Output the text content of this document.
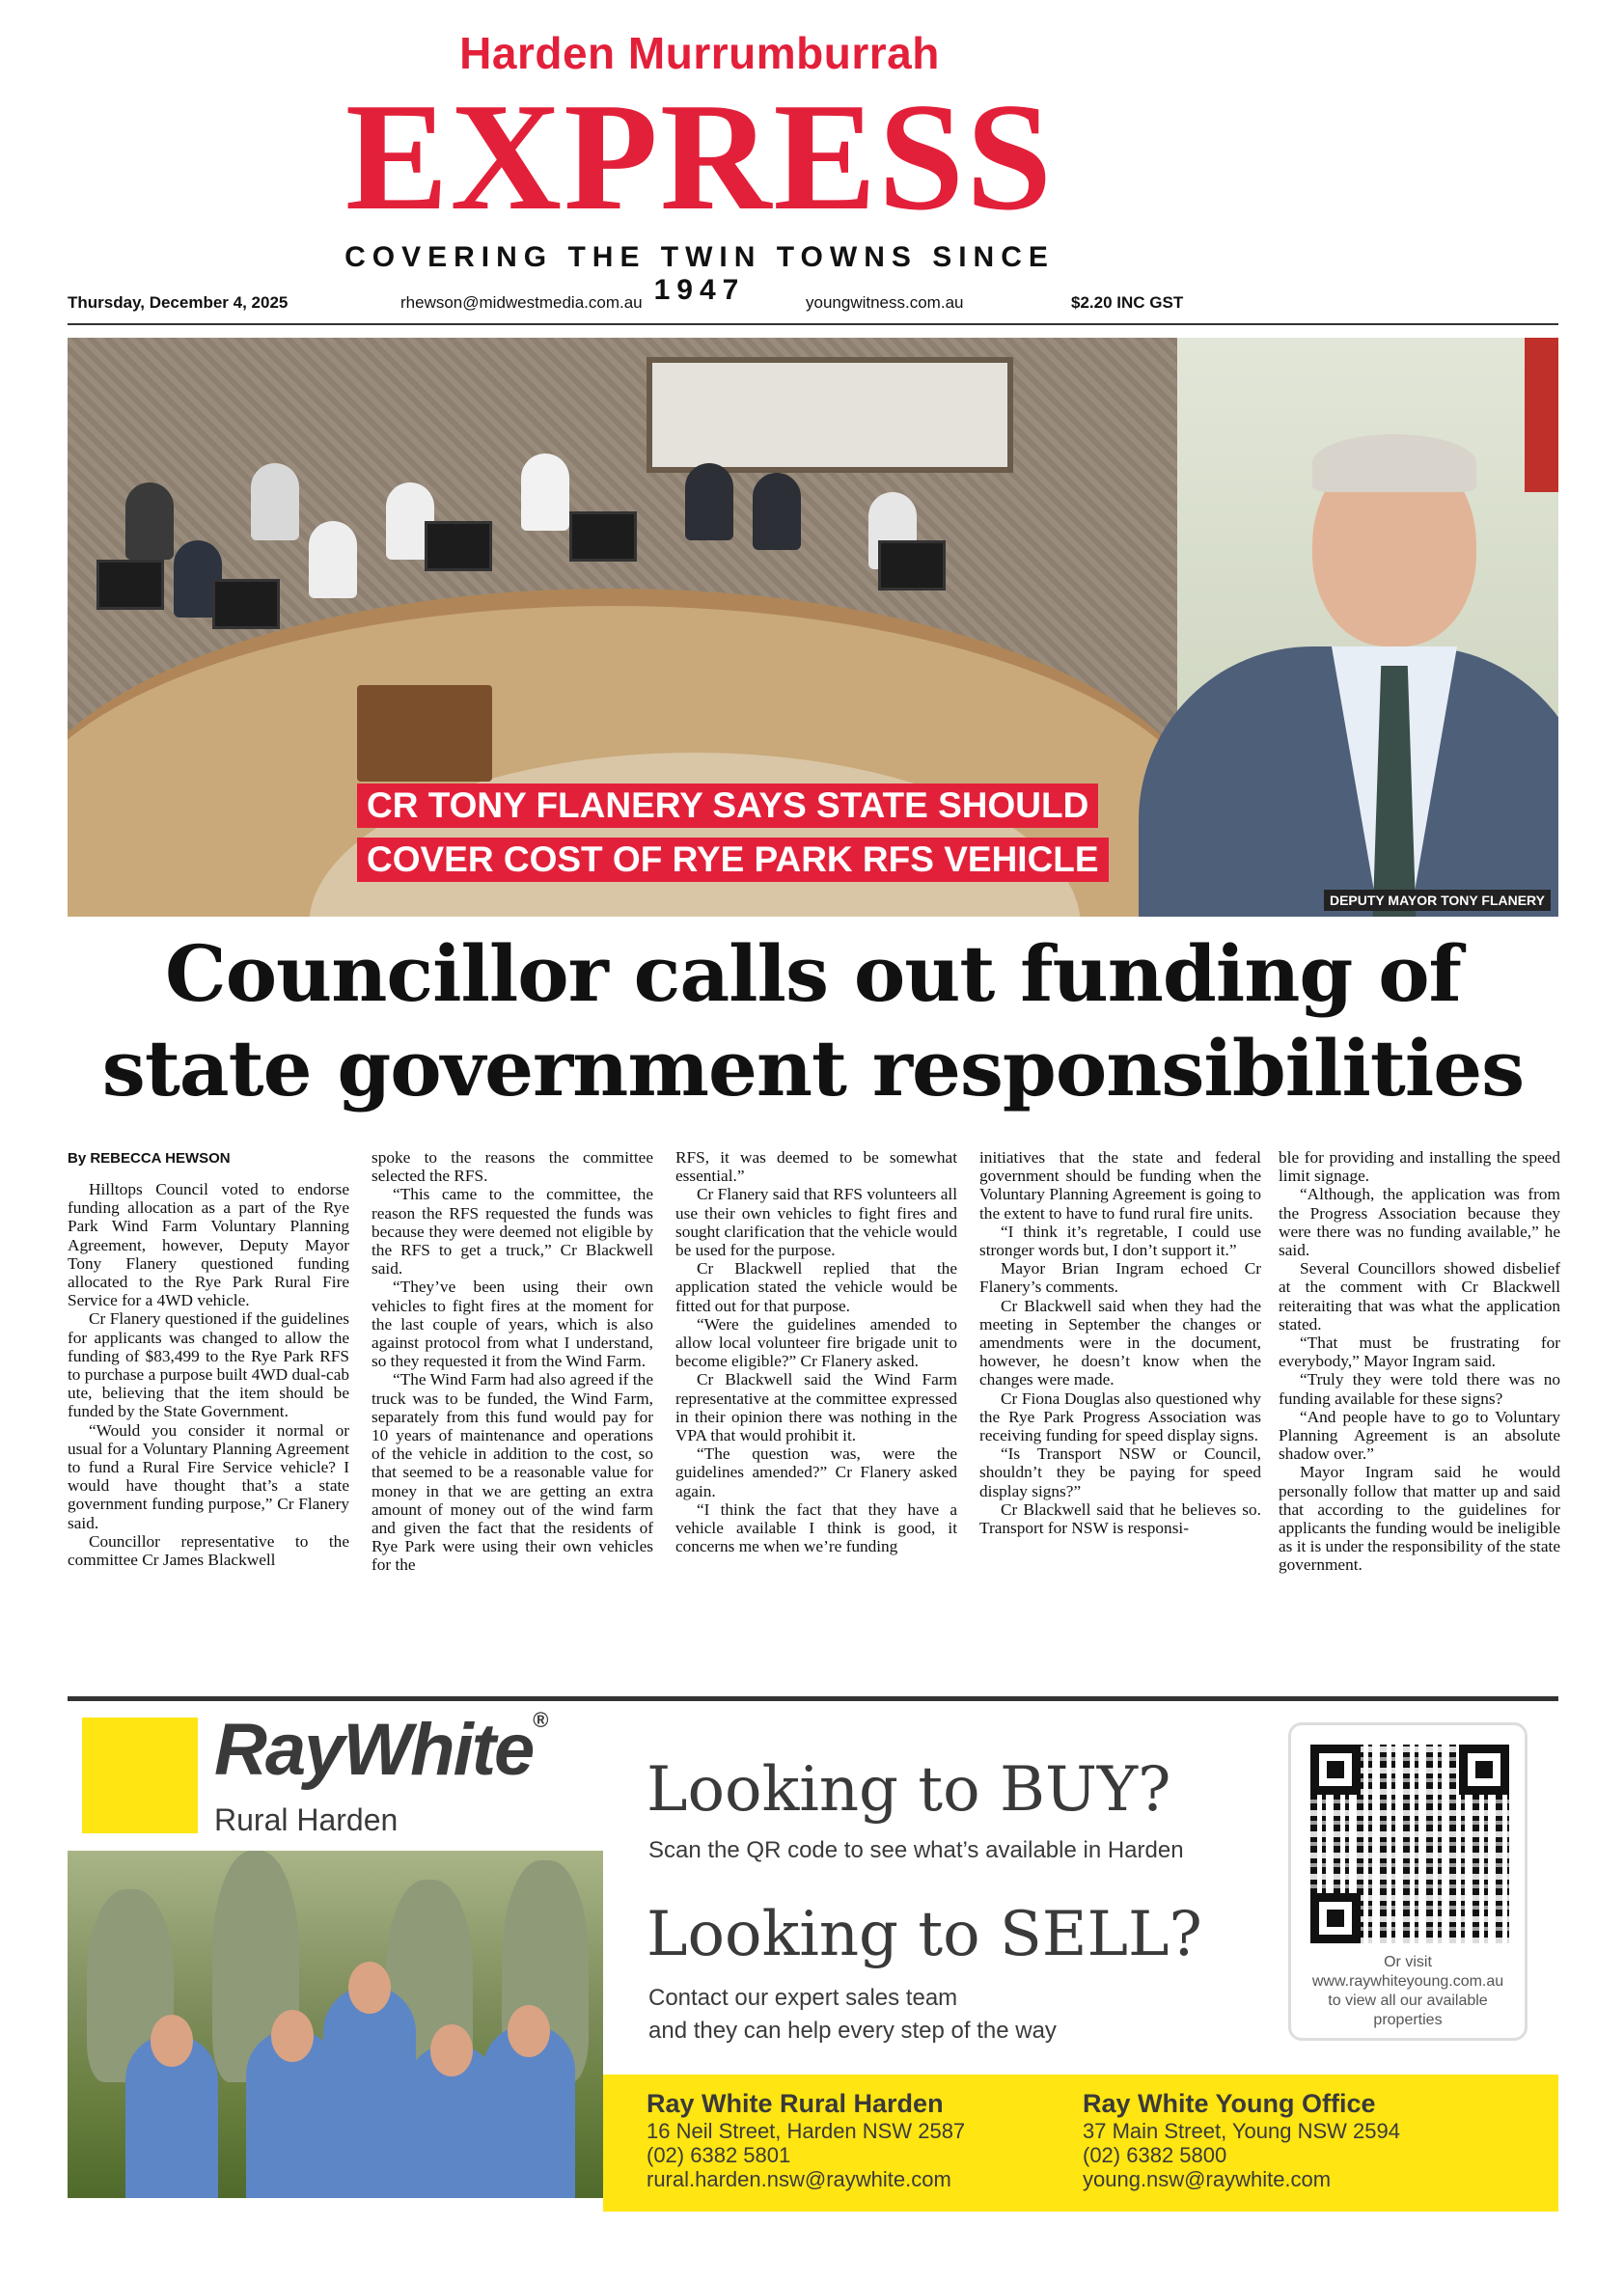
Harden Murrumburrah
EXPRESS
COVERING THE TWIN TOWNS SINCE 1947
Thursday, December 4, 2025	rhewson@midwestmedia.com.au	youngwitness.com.au	$2.20 INC GST
CR TONY FLANERY SAYS STATE SHOULD
COVER COST OF RYE PARK RFS VEHICLE
DEPUTY MAYOR TONY FLANERY
Councillor calls out funding of
state government responsibilities
By REBECCA HEWSON

Hilltops Council voted to endorse funding allocation as a part of the Rye Park Wind Farm Voluntary Planning Agreement, however, Deputy Mayor Tony Flanery questioned funding allocated to the Rye Park Rural Fire Service for a 4WD vehicle.

Cr Flanery questioned if the guidelines for applicants was changed to allow the funding of $83,499 to the Rye Park RFS to purchase a purpose built 4WD dual-cab ute, believing that the item should be funded by the State Government.

“Would you consider it normal or usual for a Voluntary Planning Agreement to fund a Rural Fire Service vehicle? I would have thought that’s a state government funding purpose,” Cr Flanery said.

Councillor representative to the committee Cr James Blackwell

spoke to the reasons the committee selected the RFS.

“This came to the committee, the reason the RFS requested the funds was because they were deemed not eligible by the RFS to get a truck,” Cr Blackwell said.

“They’ve been using their own vehicles to fight fires at the moment for the last couple of years, which is also against protocol from what I understand, so they requested it from the Wind Farm.

“The Wind Farm had also agreed if the truck was to be funded, the Wind Farm, separately from this fund would pay for 10 years of maintenance and operations of the vehicle in addition to the cost, so that seemed to be a reasonable value for money in that we are getting an extra amount of money out of the wind farm and given the fact that the residents of Rye Park were using their own vehicles for the

RFS, it was deemed to be somewhat essential.”

Cr Flanery said that RFS volunteers all use their own vehicles to fight fires and sought clarification that the vehicle would be used for the purpose.

Cr Blackwell replied that the application stated the vehicle would be fitted out for that purpose.

“Were the guidelines amended to allow local volunteer fire brigade unit to become eligible?” Cr Flanery asked.

Cr Blackwell said the Wind Farm representative at the committee expressed in their opinion there was nothing in the VPA that would prohibit it.

“The question was, were the guidelines amended?” Cr Flanery asked again.

“I think the fact that they have a vehicle available I think is good, it concerns me when we’re funding

initiatives that the state and federal government should be funding when the Voluntary Planning Agreement is going to the extent to have to fund rural fire units.

“I think it’s regretable, I could use stronger words but, I don’t support it.”

Mayor Brian Ingram echoed Cr Flanery’s comments.

Cr Blackwell said when they had the meeting in September the changes or amendments were in the document, however, he doesn’t know when the changes were made.

Cr Fiona Douglas also questioned why the Rye Park Progress Association was receiving funding for speed display signs.

“Is Transport NSW or Council, shouldn’t they be paying for speed display signs?”

Cr Blackwell said that he believes so. Transport for NSW is responsi-

ble for providing and installing the speed limit signage.

“Although, the application was from the Progress Association because they were there was no funding available,” he said.

Several Councillors showed disbelief at the comment with Cr Blackwell reiteraiting that was what the application stated.

“That must be frustrating for everybody,” Mayor Ingram said.

“Truly they were told there was no funding available for these signs?

“And people have to go to Voluntary Planning Agreement is an absolute shadow over.”

Mayor Ingram said he would personally follow that matter up and said that according to the guidelines for applicants the funding would be ineligible as it is under the responsibility of the state government.

RayWhite®
Rural Harden	Looking to BUY?
Scan the QR code to see what’s available in Harden
Looking to SELL?
Contact our expert sales team
and they can help every step of the way
Or visit
www.raywhiteyoung.com.au
to view all our available
properties
Ray White Rural Harden
16 Neil Street, Harden NSW 2587
(02) 6382 5801
rural.harden.nsw@raywhite.com
Ray White Young Office
37 Main Street, Young NSW 2594
(02) 6382 5800
young.nsw@raywhite.com
